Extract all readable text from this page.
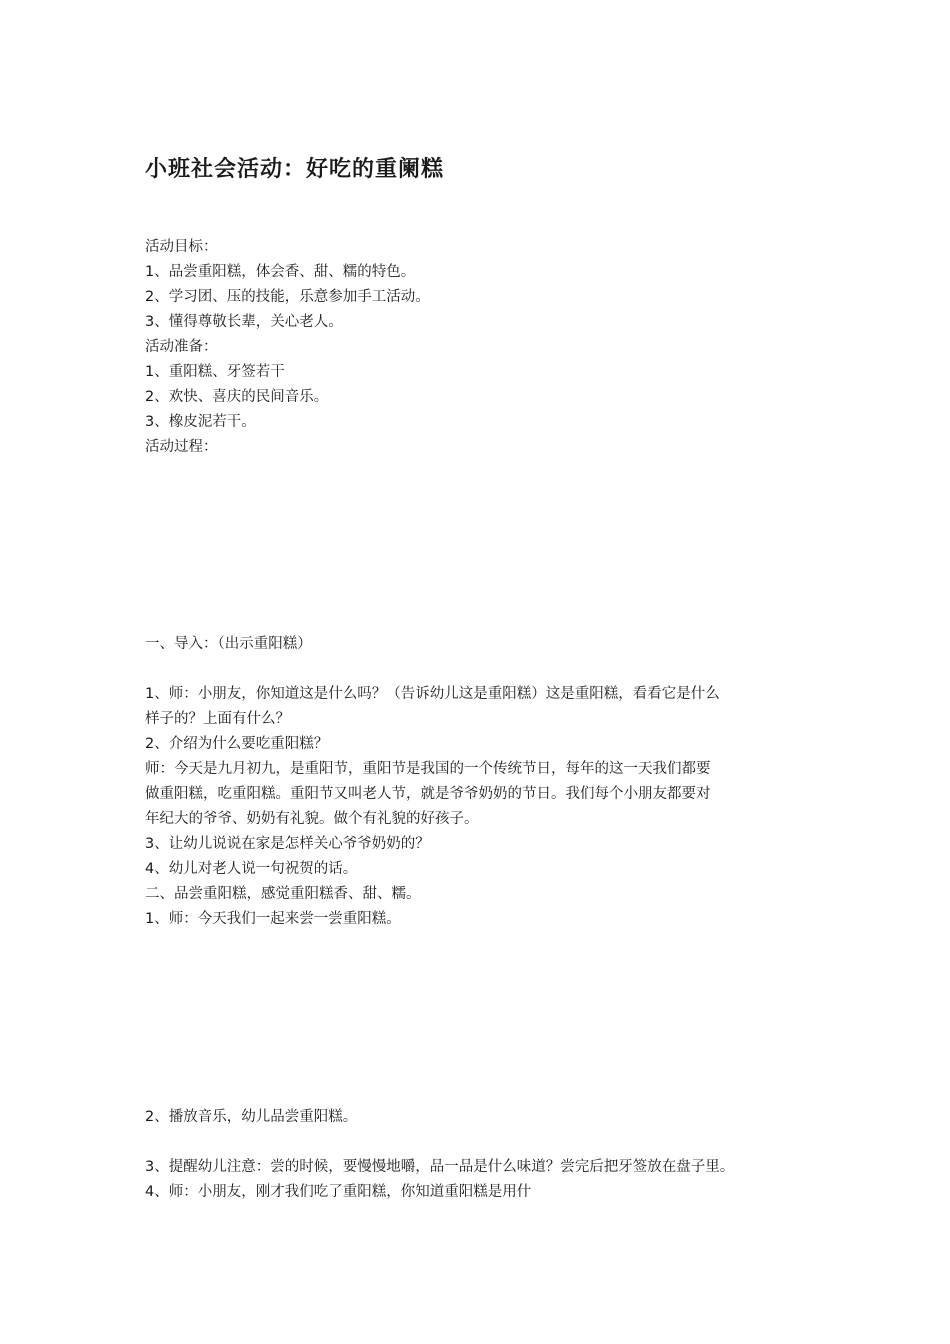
小班社会活动：好吃的重阑糕
活动目标：
1、品尝重阳糕，体会香、甜、糯的特色。
2、学习团、压的技能，乐意参加手工活动。
3、懂得尊敬长辈，关心老人。
活动准备：
1、重阳糕、牙签若干
2、欢快、喜庆的民间音乐。
3、橡皮泥若干。
活动过程：
一、导入：（出示重阳糕）
1、师：小朋友，你知道这是什么吗？（告诉幼儿这是重阳糕）这是重阳糕，看看它是什么
样子的？上面有什么？
2、介绍为什么要吃重阳糕？
师：今天是九月初九，是重阳节，重阳节是我国的一个传统节日，每年的这一天我们都要
做重阳糕，吃重阳糕。重阳节又叫老人节，就是爷爷奶奶的节日。我们每个小朋友都要对
年纪大的爷爷、奶奶有礼貌。做个有礼貌的好孩子。
3、让幼儿说说在家是怎样关心爷爷奶奶的？
4、幼儿对老人说一句祝贺的话。
二、品尝重阳糕，感觉重阳糕香、甜、糯。
1、师：今天我们一起来尝一尝重阳糕。
2、播放音乐，幼儿品尝重阳糕。
3、提醒幼儿注意：尝的时候，要慢慢地嚼，品一品是什么味道？尝完后把牙签放在盘子里。
4、师：小朋友，刚才我们吃了重阳糕，你知道重阳糕是用什
